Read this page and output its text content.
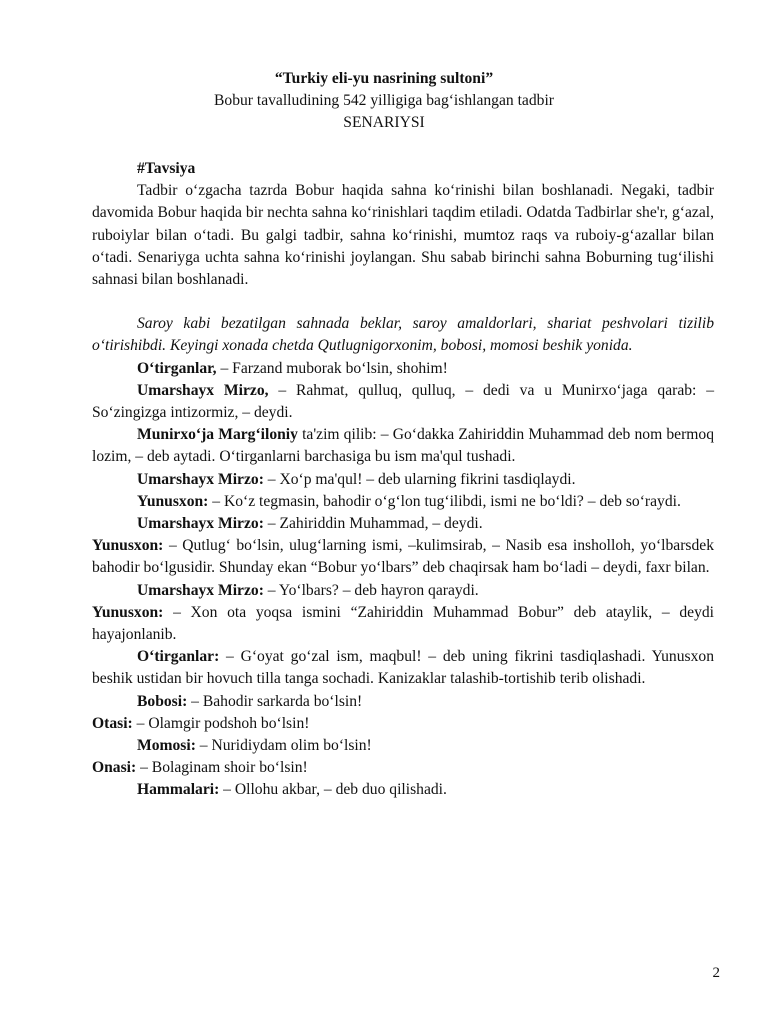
“Turkiy eli-yu nasrining sultoni”
Bobur tavalludining 542 yilligiga bag‘ishlangan tadbir
SENARIYSI
#Tavsiya

Tadbir o‘zgacha tazrda Bobur haqida sahna ko‘rinishi bilan boshlanadi. Negaki, tadbir davomida Bobur haqida bir nechta sahna ko‘rinishlari taqdim etiladi. Odatda Tadbirlar she'r, g‘azal, ruboiylar bilan o‘tadi. Bu galgi tadbir, sahna ko‘rinishi, mumtoz raqs va ruboiy-g‘azallar bilan o‘tadi. Senariyga uchta sahna ko‘rinishi joylangan. Shu sabab birinchi sahna Boburning tug‘ilishi sahnasi bilan boshlanadi.

Saroy kabi bezatilgan sahnada beklar, saroy amaldorlari, shariat peshvolari tizilib o‘tirishibdi. Keyingi xonada chetda Qutlugnigorxonim, bobosi, momosi beshik yonida.

O‘tirganlar, – Farzand muborak bo‘lsin, shohim!

Umarshayx Mirzo, – Rahmat, qulluq, qulluq, – dedi va u Munirxo‘jaga qarab: – So‘zingizga intizormiz, – deydi.

Munirxo‘ja Marg‘iloniy ta'zim qilib: – Go‘dakka Zahiriddin Muhammad deb nom bermoq lozim, – deb aytadi. O‘tirganlarni barchasiga bu ism ma'qul tushadi.

Umarshayx Mirzo: – Xo‘p ma'qul! – deb ularning fikrini tasdiqlaydi.

Yunusxon: – Ko‘z tegmasin, bahodir o‘g‘lon tug‘ilibdi, ismi ne bo‘ldi? – deb so‘raydi.

Umarshayx Mirzo: – Zahiriddin Muhammad, – deydi.

Yunusxon: – Qutlug‘ bo‘lsin, ulug‘larning ismi, –kulimsirab, – Nasib esa insholloh, yo‘lbarsdek bahodir bo‘lgusidir. Shunday ekan “Bobur yo‘lbars” deb chaqirsak ham bo‘ladi – deydi, faxr bilan.

Umarshayx Mirzo: – Yo‘lbars? – deb hayron qaraydi.

Yunusxon: – Xon ota yoqsa ismini “Zahiriddin Muhammad Bobur” deb ataylik, – deydi hayajonlanib.

O‘tirganlar: – G‘oyat go‘zal ism, maqbul! – deb uning fikrini tasdiqlashadi. Yunusxon beshik ustidan bir hovuch tilla tanga sochadi. Kanizaklar talashib-tortishib terib olishadi.

Bobosi: – Bahodir sarkarda bo‘lsin!

Otasi: – Olamgir podshoh bo‘lsin!

Momosi: – Nuridiydam olim bo‘lsin!

Onasi: – Bolaginam shoir bo‘lsin!

Hammalari: – Ollohu akbar, – deb duo qilishadi.

2
